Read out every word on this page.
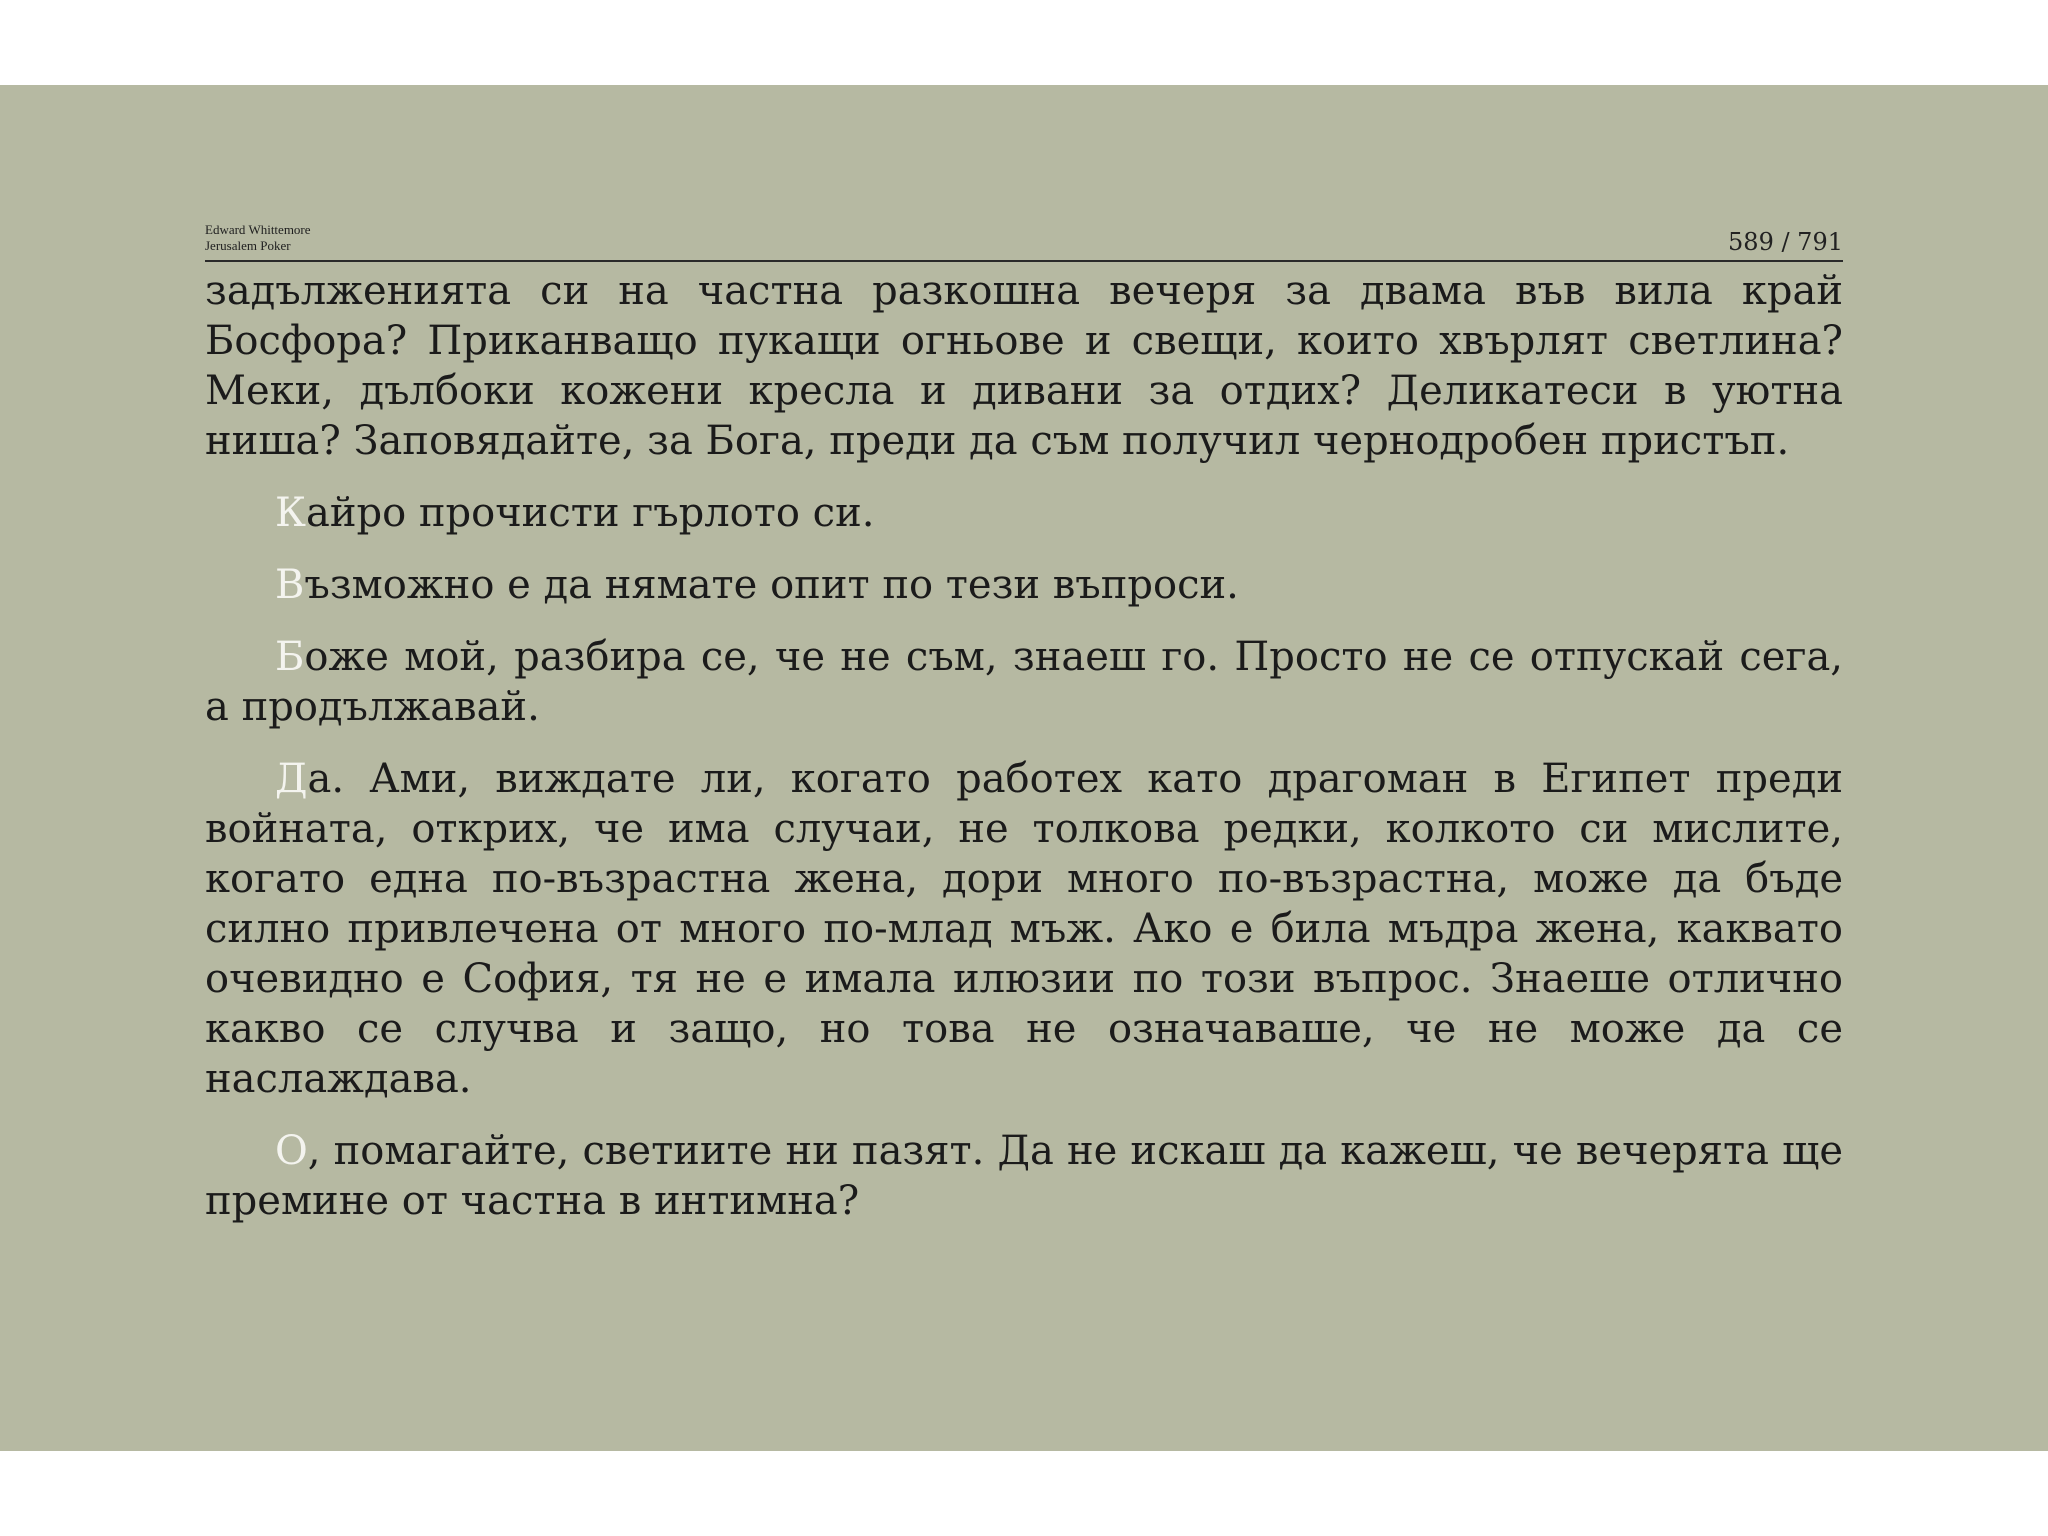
Edward Whittemore
Jerusalem Poker	589 / 791

задълженията си на частна разкошна вечеря за двама във вила край Босфора? Приканващо пукащи огньове и свещи, които хвърлят светлина? Меки, дълбоки кожени кресла и дивани за отдих? Деликатеси в уютна ниша? Заповядайте, за Бога, преди да съм получил чернодробен пристъп.

Кайро прочисти гърлото си.

Възможно е да нямате опит по тези въпроси.

Боже мой, разбира се, че не съм, знаеш го. Просто не се отпускай сега, а продължавай.

Да. Ами, виждате ли, когато работех като драгоман в Египет преди войната, открих, че има случаи, не толкова редки, колкото си мислите, когато една по-възрастна жена, дори много по-възрастна, може да бъде силно привлечена от много по-млад мъж. Ако е била мъдра жена, каквато очевидно е София, тя не е имала илюзии по този въпрос. Знаеше отлично какво се случва и защо, но това не означаваше, че не може да се наслаждава.

О, помагайте, светиите ни пазят. Да не искаш да кажеш, че вечерята ще премине от частна в интимна?
